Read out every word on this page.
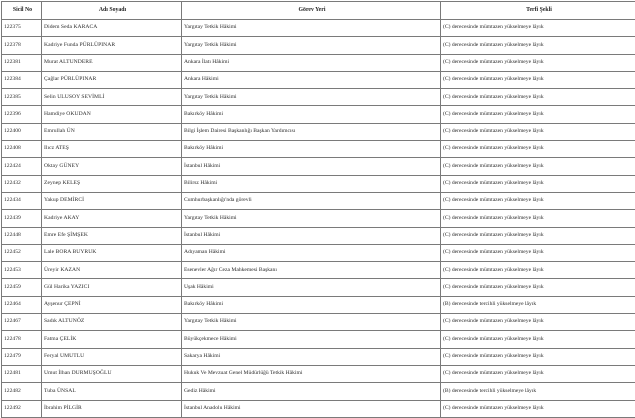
Sicil No	Adı Soyadı	Görev Yeri	Terfi Şekli
122375	Didem Seda KARACA	Yargıtay Tetkik Hâkimi	(C) derecesinde mümtazen yükselmeye lâyık
122378	Kadriye Funda PÜRLÜPINAR	Yargıtay Tetkik Hâkimi	(C) derecesinde mümtazen yükselmeye lâyık
122381	Murat ALTUNDERE	Ankara İlatı Hâkimi	(C) derecesinde mümtazen yükselmeye lâyık
122384	Çağlar PÜRLÜPINAR	Ankara Hâkimi	(C) derecesinde mümtazen yükselmeye lâyık
122385	Selin ULUSOY SEVİMLİ	Yargıtay Tetkik Hâkimi	(C) derecesinde mümtazen yükselmeye lâyık
122396	Hamdiye OKUDAN	Bakırköy Hâkimi	(C) derecesinde mümtazen yükselmeye lâyık
122400	Emrullah ÜN	Bilgi İşlem Dairesi Başkanlığı Başkan Yardımcısı	(C) derecesinde mümtazen yükselmeye lâyık
122408	Ilıcz ATEŞ	Bakırköy Hâkimi	(C) derecesinde mümtazen yükselmeye lâyık
122424	Oktay GÜNEY	İstanbul Hâkimi	(C) derecesinde mümtazen yükselmeye lâyık
122432	Zeynep KELEŞ	Bilirsz Hâkimi	(C) derecesinde mümtazen yükselmeye lâyık
122434	Yakup DEMİRCİ	Cumhurbaşkanlığı'nda görevli	(C) derecesinde mümtazen yükselmeye lâyık
122439	Kadriye AKAY	Yargıtay Tetkik Hâkimi	(C) derecesinde mümtazen yükselmeye lâyık
122448	Emre Efe ŞİMŞEK	İstanbul Hâkimi	(C) derecesinde mümtazen yükselmeye lâyık
122452	Lale BORA BUYRUK	Adıyaman Hâkimi	(C) derecesinde mümtazen yükselmeye lâyık
122453	Üreyir KAZAN	Esenevler Ağır Ceza Mahkemesi Başkanı	(C) derecesinde mümtazen yükselmeye lâyık
122459	Gül Harika YAZICI	Uşak Hâkimi	(C) derecesinde mümtazen yükselmeye lâyık
122464	Ayşenur ÇEPNİ	Bakırköy Hâkimi	(B) derecesinde tercihli yükselmeye lâyık
122467	Sadık ALTUNÖZ	Yargıtay Tetkik Hâkimi	(C) derecesinde mümtazen yükselmeye lâyık
122478	Fatma ÇELİK	Büyükçekmece Hâkimi	(C) derecesinde mümtazen yükselmeye lâyık
122479	Feryal UMUTLU	Sakarya Hâkimi	(C) derecesinde mümtazen yükselmeye lâyık
122481	Umut İlhan DURMUŞOĞLU	Hukuk Ve Mevzuat Genel Müdürlüğü Tetkik Hâkimi	(C) derecesinde mümtazen yükselmeye lâyık
122482	Tuba ÜNSAL	Gediz Hâkimi	(B) derecesinde tercihli yükselmeye lâyık
122492	İbrahim PİLGİR	İstanbul Anadolu Hâkimi	(C) derecesinde mümtazen yükselmeye lâyık
